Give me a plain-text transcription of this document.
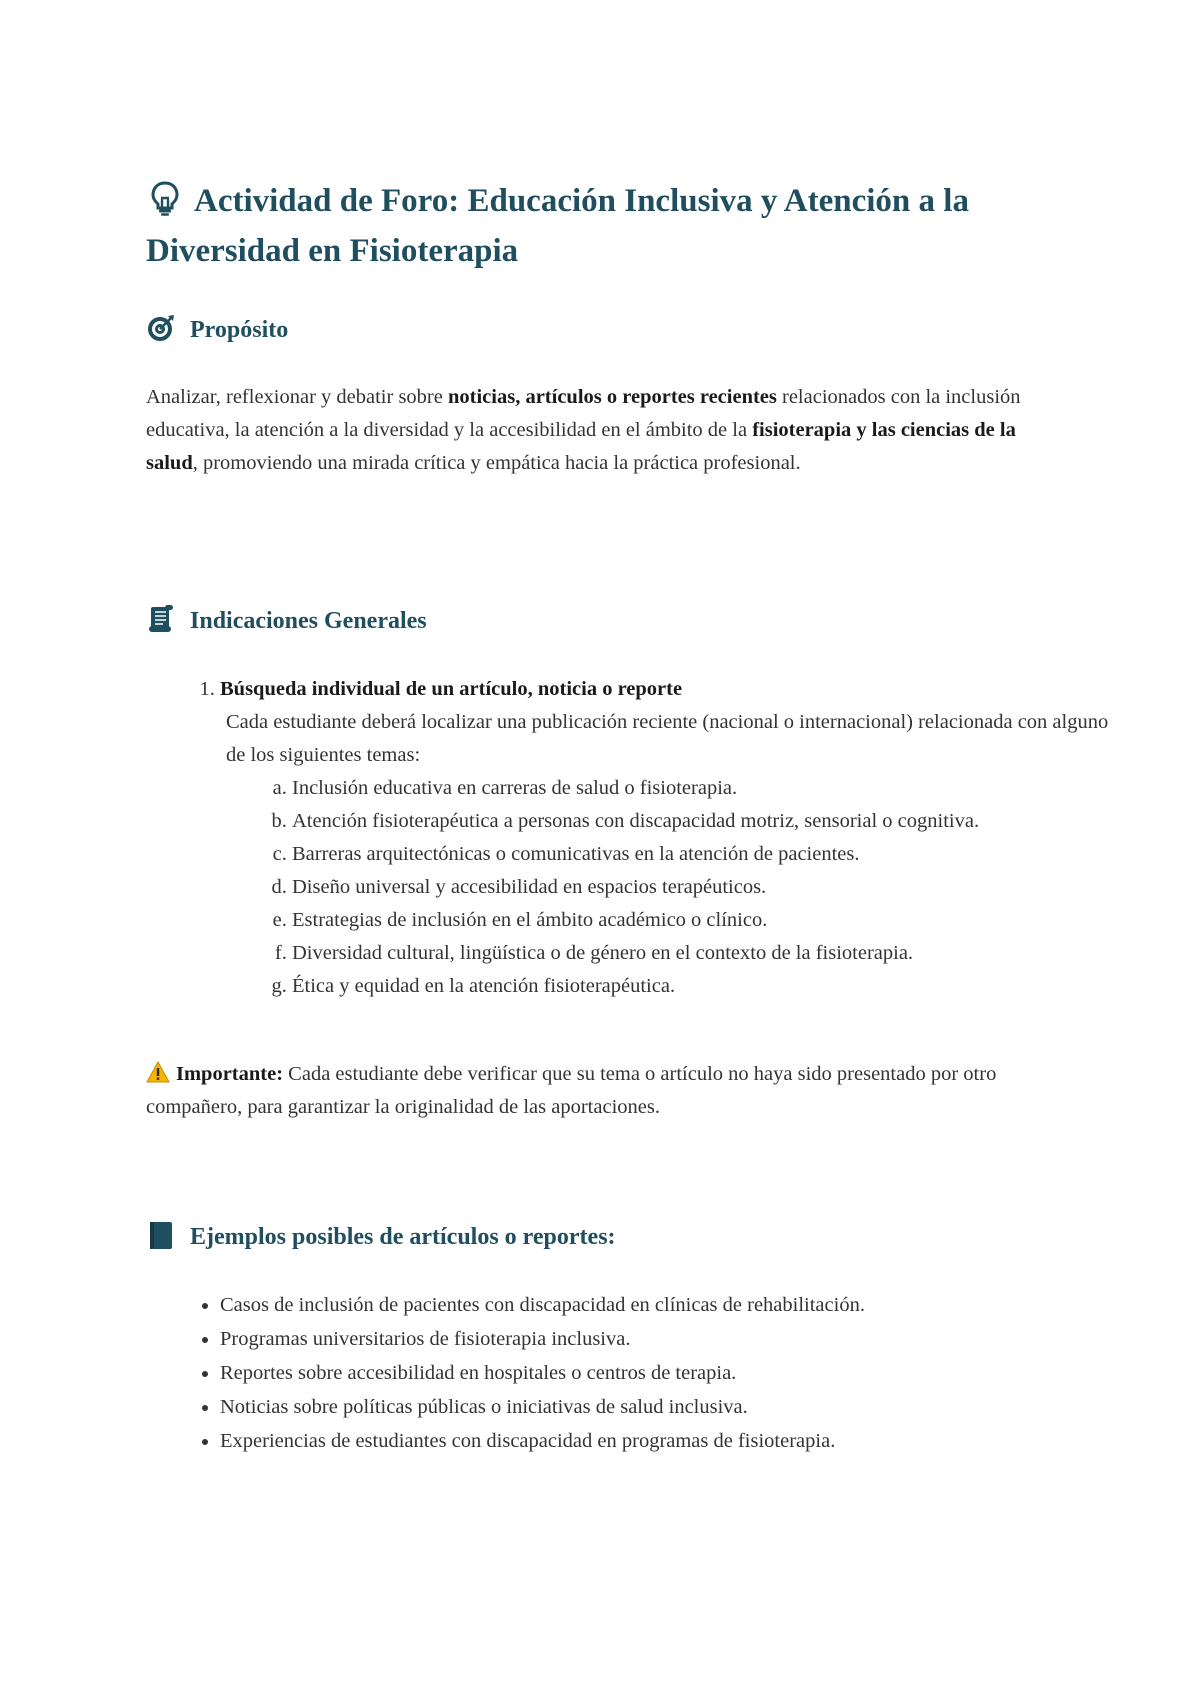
Actividad de Foro: Educación Inclusiva y Atención a la Diversidad en Fisioterapia
Propósito

Analizar, reflexionar y debatir sobre noticias, artículos o reportes recientes relacionados con la inclusión educativa, la atención a la diversidad y la accesibilidad en el ámbito de la fisioterapia y las ciencias de la salud, promoviendo una mirada crítica y empática hacia la práctica profesional.

Indicaciones Generales
1. Búsqueda individual de un artículo, noticia o reporte
Cada estudiante deberá localizar una publicación reciente (nacional o internacional) relacionada con alguno de los siguientes temas:
a. Inclusión educativa en carreras de salud o fisioterapia.
b. Atención fisioterapéutica a personas con discapacidad motriz, sensorial o cognitiva.
c. Barreras arquitectónicas o comunicativas en la atención de pacientes.
d. Diseño universal y accesibilidad en espacios terapéuticos.
e. Estrategias de inclusión en el ámbito académico o clínico.
f. Diversidad cultural, lingüística o de género en el contexto de la fisioterapia.
g. Ética y equidad en la atención fisioterapéutica.

Importante: Cada estudiante debe verificar que su tema o artículo no haya sido presentado por otro compañero, para garantizar la originalidad de las aportaciones.

Ejemplos posibles de artículos o reportes:
• Casos de inclusión de pacientes con discapacidad en clínicas de rehabilitación.
• Programas universitarios de fisioterapia inclusiva.
• Reportes sobre accesibilidad en hospitales o centros de terapia.
• Noticias sobre políticas públicas o iniciativas de salud inclusiva.
• Experiencias de estudiantes con discapacidad en programas de fisioterapia.
